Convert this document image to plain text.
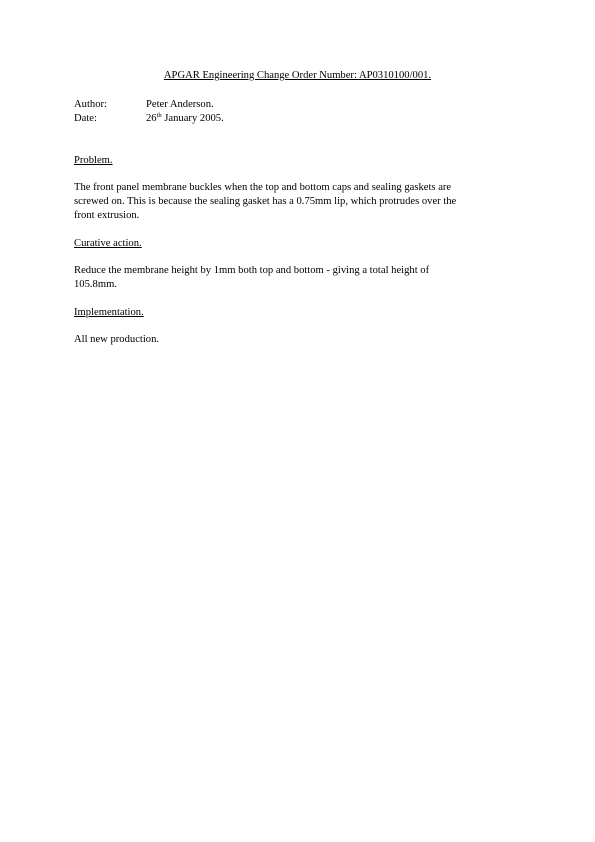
APGAR Engineering Change Order Number: AP0310100/001.
Author:	Peter Anderson.
Date:	26th January 2005.
Problem.
The front panel membrane buckles when the top and bottom caps and sealing gaskets are
screwed on. This is because the sealing gasket has a 0.75mm lip, which protrudes over the
front extrusion.
Curative action.
Reduce the membrane height by 1mm both top and bottom - giving a total height of
105.8mm.
Implementation.
All new production.
